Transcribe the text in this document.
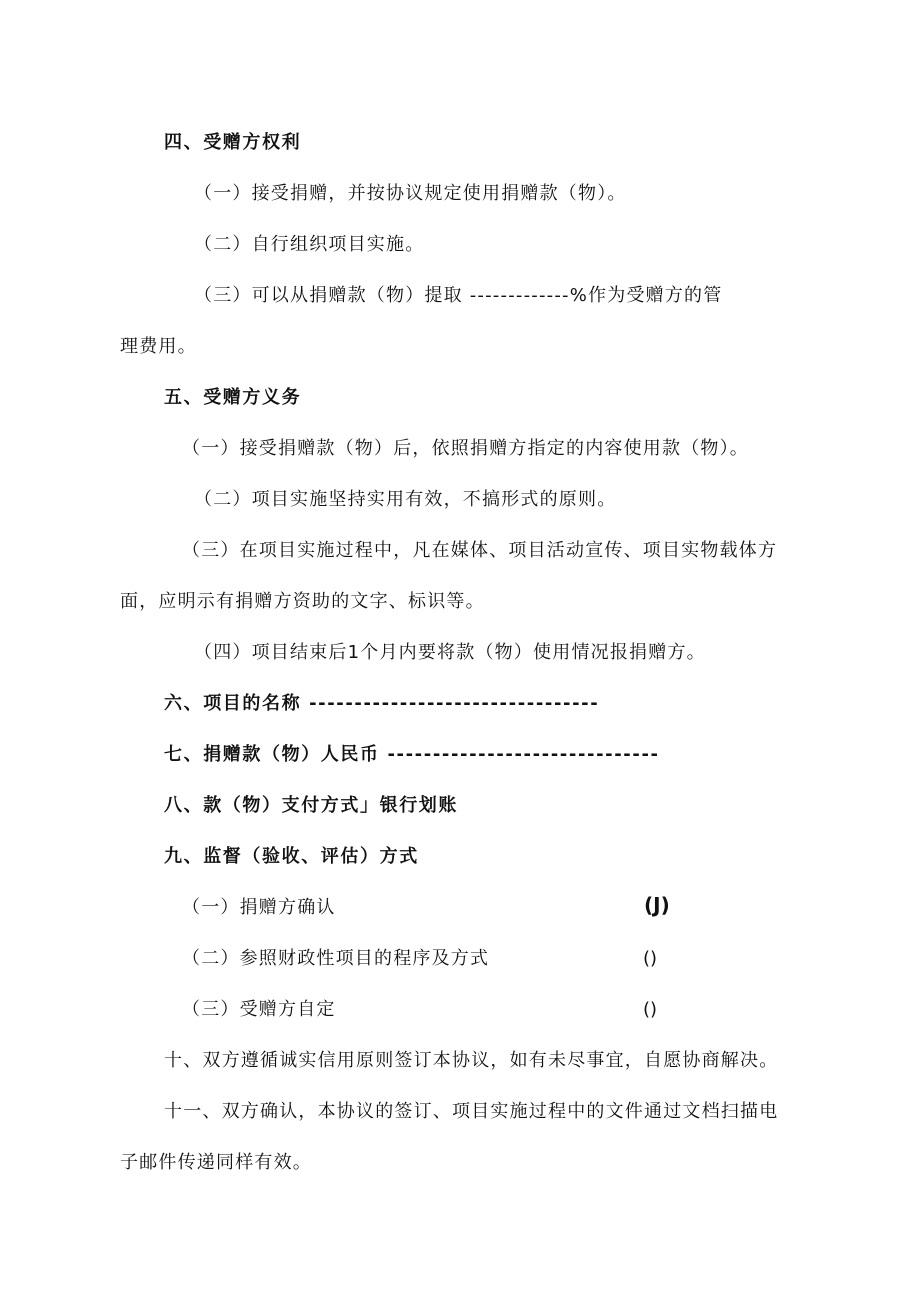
四、受赠方权利
（一）接受捐赠，并按协议规定使用捐赠款（物）。
（二）自行组织项目实施。
（三）可以从捐赠款（物）提取 -------------%作为受赠方的管
理费用。
五、受赠方义务
（一）接受捐赠款（物）后，依照捐赠方指定的内容使用款（物）。
（二）项目实施坚持实用有效，不搞形式的原则。
（三）在项目实施过程中，凡在媒体、项目活动宣传、项目实物载体方
面，应明示有捐赠方资助的文字、标识等。
（四）项目结束后1个月内要将款（物）使用情况报捐赠方。
六、项目的名称 --------------------------------
七、捐赠款（物）人民币 ------------------------------
八、款（物）支付方式」银行划账
九、监督（验收、评估）方式
（一）捐赠方确认	(J)
（二）参照财政性项目的程序及方式	()
（三）受赠方自定	()
十、双方遵循诚实信用原则签订本协议，如有未尽事宜，自愿协商解决。
十一、双方确认，本协议的签订、项目实施过程中的文件通过文档扫描电
子邮件传递同样有效。
